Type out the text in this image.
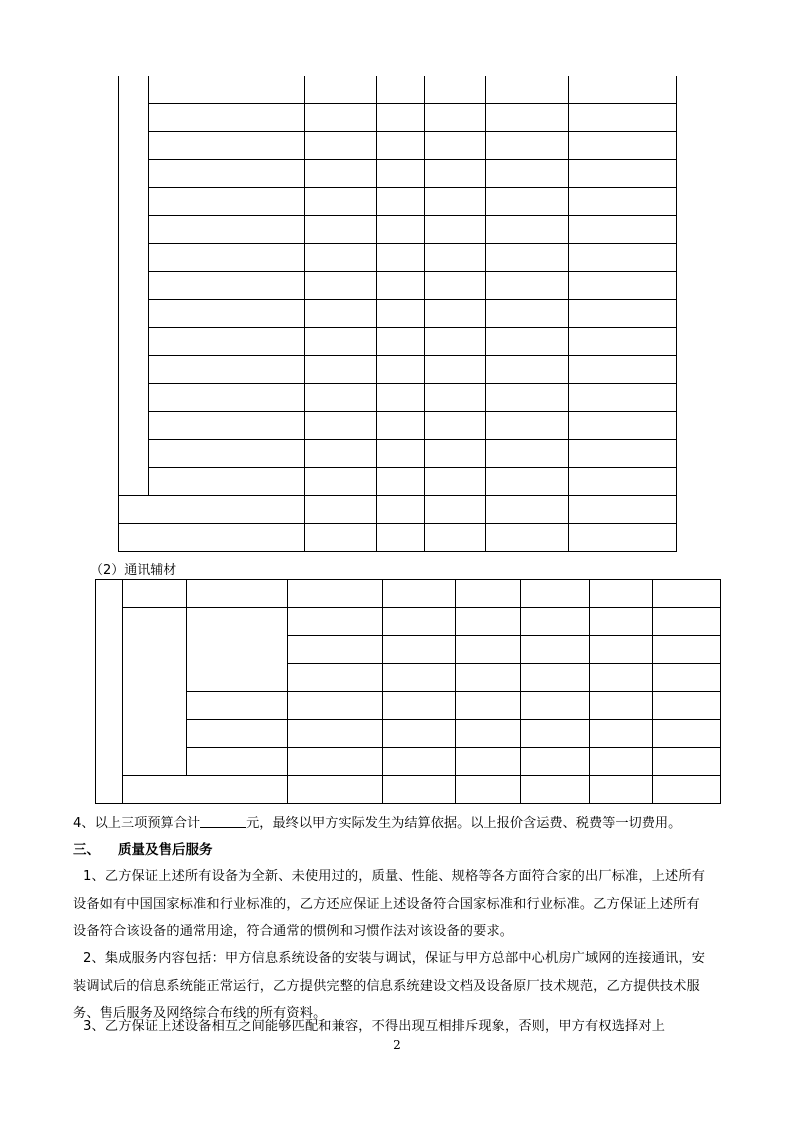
（2）通讯辅材
4、以上三项预算合计	元，最终以甲方实际发生为结算依据。以上报价含运费、税费等一切费用。
三、 质量及售后服务
1、乙方保证上述所有设备为全新、未使用过的，质量、性能、规格等各方面符合家的出厂标准，上述所有设备如有中国国家标准和行业标准的，乙方还应保证上述设备符合国家标准和行业标准。乙方保证上述所有设备符合该设备的通常用途，符合通常的惯例和习惯作法对该设备的要求。
2、集成服务内容包括：甲方信息系统设备的安装与调试，保证与甲方总部中心机房广域网的连接通讯，安装调试后的信息系统能正常运行，乙方提供完整的信息系统建设文档及设备原厂技术规范，乙方提供技术服务、售后服务及网络综合布线的所有资料。
3、乙方保证上述设备相互之间能够匹配和兼容，不得出现互相排斥现象，否则，甲方有权选择对上
2
